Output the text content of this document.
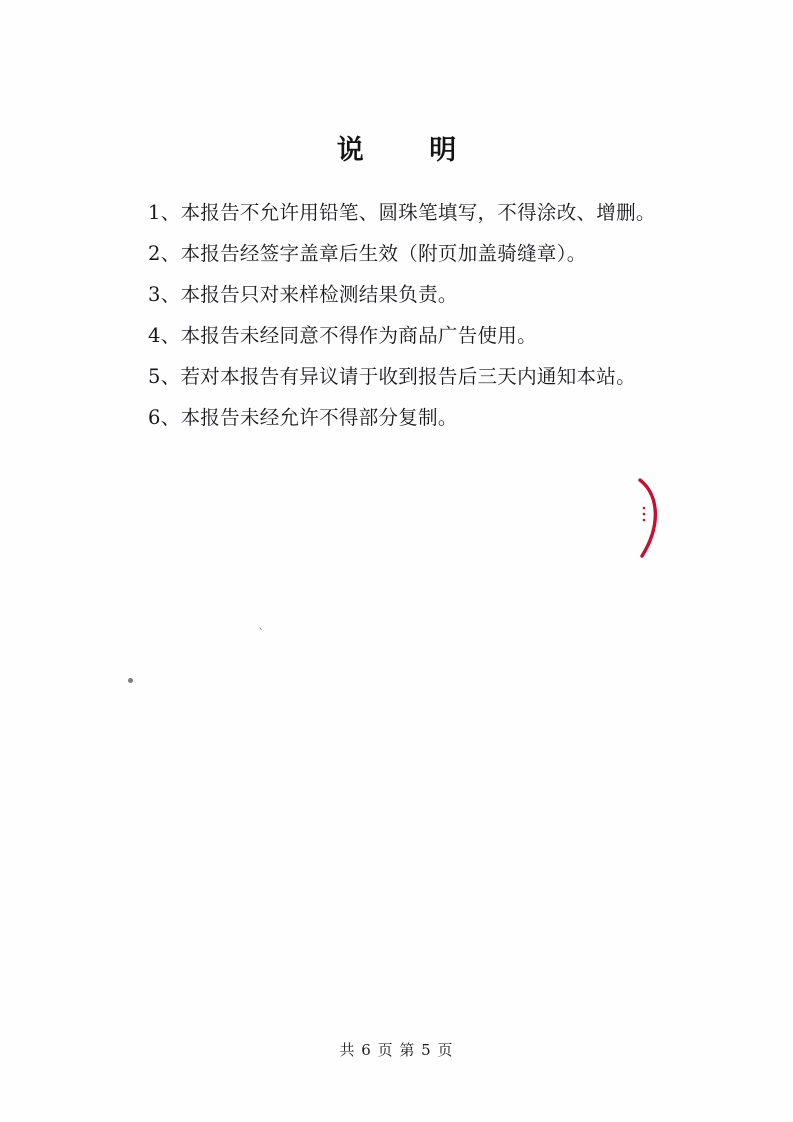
说 明
1、本报告不允许用铅笔、圆珠笔填写，不得涂改、增删。
2、本报告经签字盖章后生效（附页加盖骑缝章）。
3、本报告只对来样检测结果负责。
4、本报告未经同意不得作为商品广告使用。
5、若对本报告有异议请于收到报告后三天内通知本站。
6、本报告未经允许不得部分复制。
`
共 6 页 第 5 页
